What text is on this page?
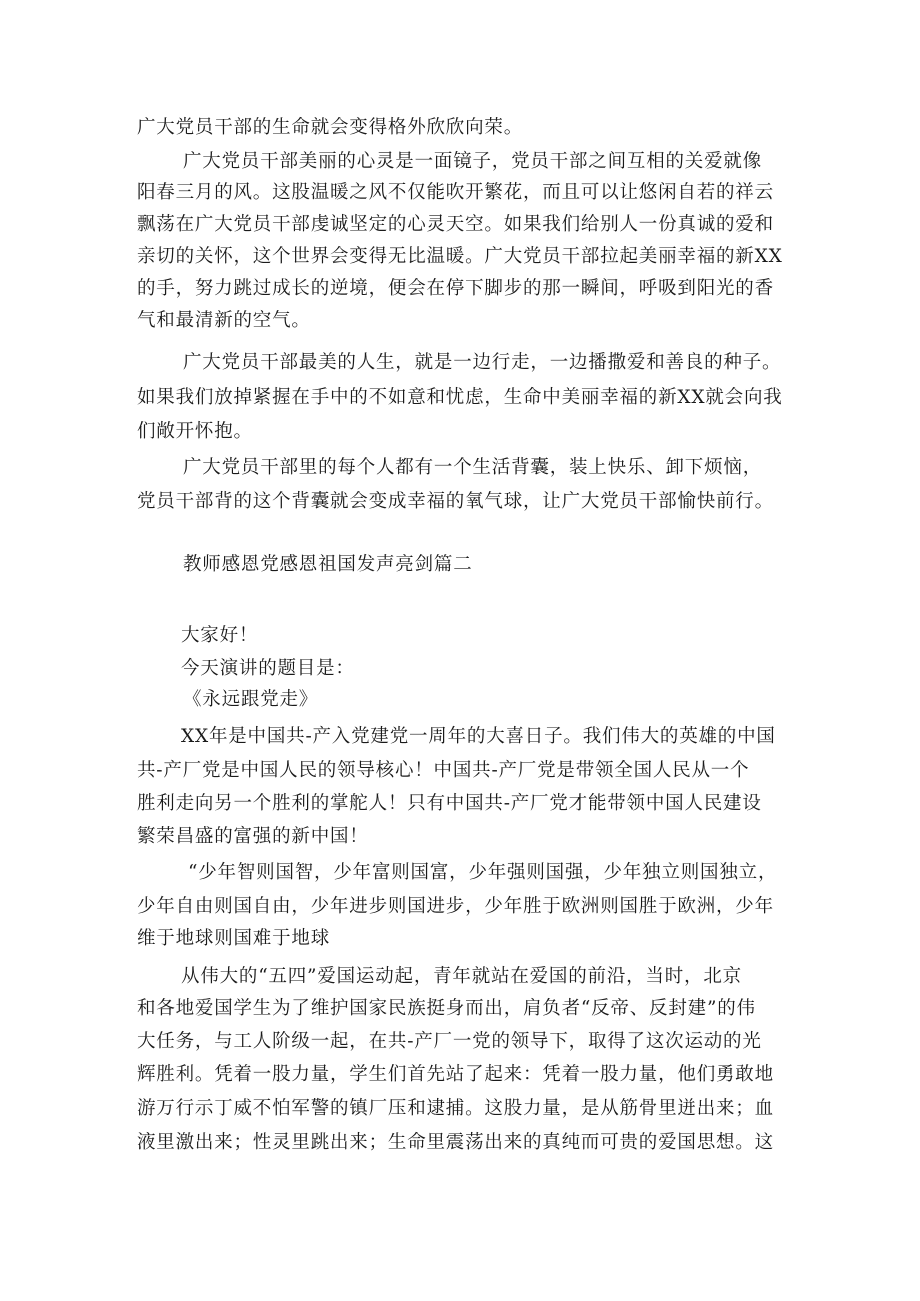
广大党员干部的生命就会变得格外欣欣向荣。
广大党员干部美丽的心灵是一面镜子，党员干部之间互相的关爱就像
阳春三月的风。这股温暖之风不仅能吹开繁花，而且可以让悠闲自若的祥云
飘荡在广大党员干部虔诚坚定的心灵天空。如果我们给别人一份真诚的爱和
亲切的关怀，这个世界会变得无比温暖。广大党员干部拉起美丽幸福的新XX
的手，努力跳过成长的逆境，便会在停下脚步的那一瞬间，呼吸到阳光的香
气和最清新的空气。
广大党员干部最美的人生，就是一边行走，一边播撒爱和善良的种子。
如果我们放掉紧握在手中的不如意和忧虑，生命中美丽幸福的新XX就会向我
们敞开怀抱。
广大党员干部里的每个人都有一个生活背囊，装上快乐、卸下烦恼，
党员干部背的这个背囊就会变成幸福的氧气球，让广大党员干部愉快前行。
教师感恩党感恩祖国发声亮剑篇二
大家好！
今天演讲的题目是：
《永远跟党走》
XX年是中国共-产入党建党一周年的大喜日子。我们伟大的英雄的中国
共-产厂党是中国人民的领导核心！中国共-产厂党是带领全国人民从一个
胜利走向另一个胜利的掌舵人！只有中国共-产厂党才能带领中国人民建设
繁荣昌盛的富强的新中国！
“少年智则国智，少年富则国富，少年强则国强，少年独立则国独立，
少年自由则国自由，少年进步则国进步，少年胜于欧洲则国胜于欧洲，少年
维于地球则国难于地球
从伟大的“五四”爱国运动起，青年就站在爱国的前沿，当时，北京
和各地爱国学生为了维护国家民族挺身而出，肩负者“反帝、反封建”的伟
大任务，与工人阶级一起，在共-产厂一党的领导下，取得了这次运动的光
辉胜利。凭着一股力量，学生们首先站了起来：凭着一股力量，他们勇敢地
游万行示丁威不怕军警的镇厂压和逮捕。这股力量，是从筋骨里迸出来；血
液里激出来；性灵里跳出来；生命里震荡出来的真纯而可贵的爱国思想。这
